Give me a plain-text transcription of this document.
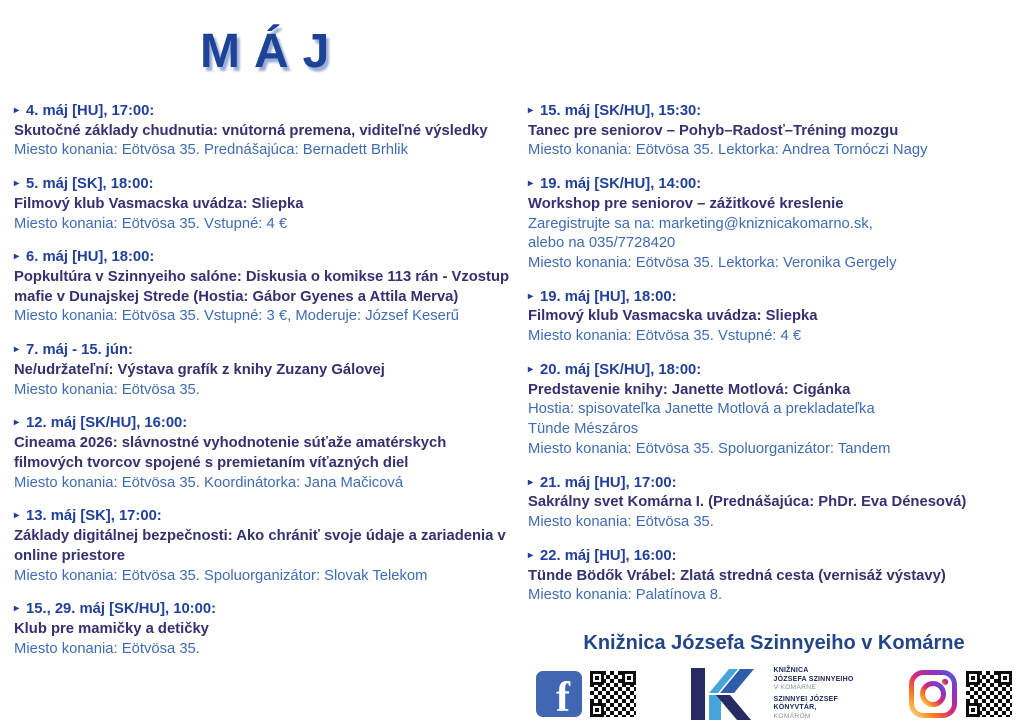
MÁJ
▸ 4. máj [HU], 17:00:
Skutočné základy chudnutia: vnútorná premena, viditeľné výsledky
Miesto konania: Eötvösa 35. Prednášajúca: Bernadett Brhlik
▸ 5. máj [SK], 18:00:
Filmový klub Vasmacska uvádza: Sliepka
Miesto konania: Eötvösa 35. Vstupné: 4 €
▸ 6. máj [HU], 18:00:
Popkultúra v Szinnyeiho salóne: Diskusia o komikse 113 rán - Vzostup mafie v Dunajskej Strede (Hostia: Gábor Gyenes a Attila Merva)
Miesto konania: Eötvösa 35. Vstupné: 3 €, Moderuje: József Keserű
▸ 7. máj - 15. jún:
Ne/udržateľní: Výstava grafík z knihy Zuzany Gálovej
Miesto konania: Eötvösa 35.
▸ 12. máj [SK/HU], 16:00:
Cineama 2026: slávnostné vyhodnotenie súťaže amatérskych filmových tvorcov spojené s premietaním víťazných diel
Miesto konania: Eötvösa 35. Koordinátorka: Jana Mačicová
▸ 13. máj [SK], 17:00:
Základy digitálnej bezpečnosti: Ako chrániť svoje údaje a zariadenia v online priestore
Miesto konania: Eötvösa 35. Spoluorganizátor: Slovak Telekom
▸ 15., 29. máj [SK/HU], 10:00:
Klub pre mamičky a detičky
Miesto konania: Eötvösa 35.
▸ 15. máj [SK/HU], 15:30:
Tanec pre seniorov – Pohyb–Radosť–Tréning mozgu
Miesto konania: Eötvösa 35. Lektorka: Andrea Tornóczi Nagy
▸ 19. máj [SK/HU], 14:00:
Workshop pre seniorov – zážitkové kreslenie
Zaregistrujte sa na: marketing@kniznicakomarno.sk,
alebo na 035/7728420
Miesto konania: Eötvösa 35. Lektorka: Veronika Gergely
▸ 19. máj [HU], 18:00:
Filmový klub Vasmacska uvádza: Sliepka
Miesto konania: Eötvösa 35. Vstupné: 4 €
▸ 20. máj [SK/HU], 18:00:
Predstavenie knihy: Janette Motlová: Cigánka
Hostia: spisovateľka Janette Motlová a prekladateľka
Tünde Mészáros
Miesto konania: Eötvösa 35. Spoluorganizátor: Tandem
▸ 21. máj [HU], 17:00:
Sakrálny svet Komárna I. (Prednášajúca: PhDr. Eva Dénesová)
Miesto konania: Eötvösa 35.
▸ 22. máj [HU], 16:00:
Tünde Bödők Vrábel: Zlatá stredná cesta (vernisáž výstavy)
Miesto konania: Palatínova 8.
Knižnica Józsefa Szinnyeiho v Komárne
f
KNIŽNICA
JÓZSEFA SZINNYEIHO
V KOMÁRNE
SZINNYEI JÓZSEF
KÖNYVTÁR,
KOMÁROM
